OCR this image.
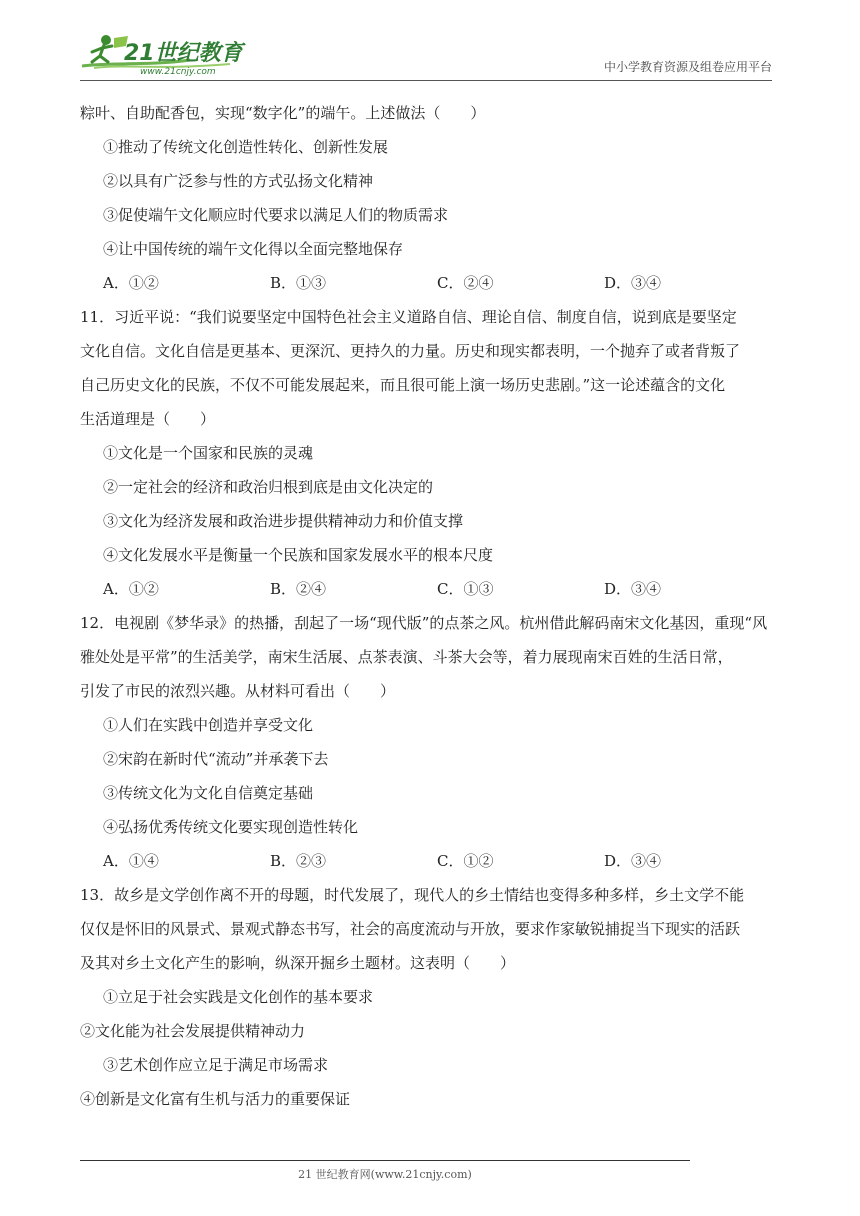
21世纪教育
www.21cnjy.com	中小学教育资源及组卷应用平台
粽叶、自助配香包，实现“数字化”的端午。上述做法（　　）
①推动了传统文化创造性转化、创新性发展
②以具有广泛参与性的方式弘扬文化精神
③促使端午文化顺应时代要求以满足人们的物质需求
④让中国传统的端午文化得以全面完整地保存
A．①②	B．①③	C．②④	D．③④
11．习近平说：“我们说要坚定中国特色社会主义道路自信、理论自信、制度自信，说到底是要坚定
文化自信。文化自信是更基本、更深沉、更持久的力量。历史和现实都表明，一个抛弃了或者背叛了
自己历史文化的民族，不仅不可能发展起来，而且很可能上演一场历史悲剧。”这一论述蕴含的文化
生活道理是（　　）
①文化是一个国家和民族的灵魂
②一定社会的经济和政治归根到底是由文化决定的
③文化为经济发展和政治进步提供精神动力和价值支撑
④文化发展水平是衡量一个民族和国家发展水平的根本尺度
A．①②	B．②④	C．①③	D．③④
12．电视剧《梦华录》的热播，刮起了一场“现代版”的点茶之风。杭州借此解码南宋文化基因，重现“风
雅处处是平常”的生活美学，南宋生活展、点茶表演、斗茶大会等，着力展现南宋百姓的生活日常，
引发了市民的浓烈兴趣。从材料可看出（　　）
①人们在实践中创造并享受文化
②宋韵在新时代“流动”并承袭下去
③传统文化为文化自信奠定基础
④弘扬优秀传统文化要实现创造性转化
A．①④	B．②③	C．①②	D．③④
13．故乡是文学创作离不开的母题，时代发展了，现代人的乡土情结也变得多种多样，乡土文学不能
仅仅是怀旧的风景式、景观式静态书写，社会的高度流动与开放，要求作家敏锐捕捉当下现实的活跃
及其对乡土文化产生的影响，纵深开掘乡土题材。这表明（　　）
①立足于社会实践是文化创作的基本要求
②文化能为社会发展提供精神动力
③艺术创作应立足于满足市场需求
④创新是文化富有生机与活力的重要保证
21 世纪教育网(www.21cnjy.com)
